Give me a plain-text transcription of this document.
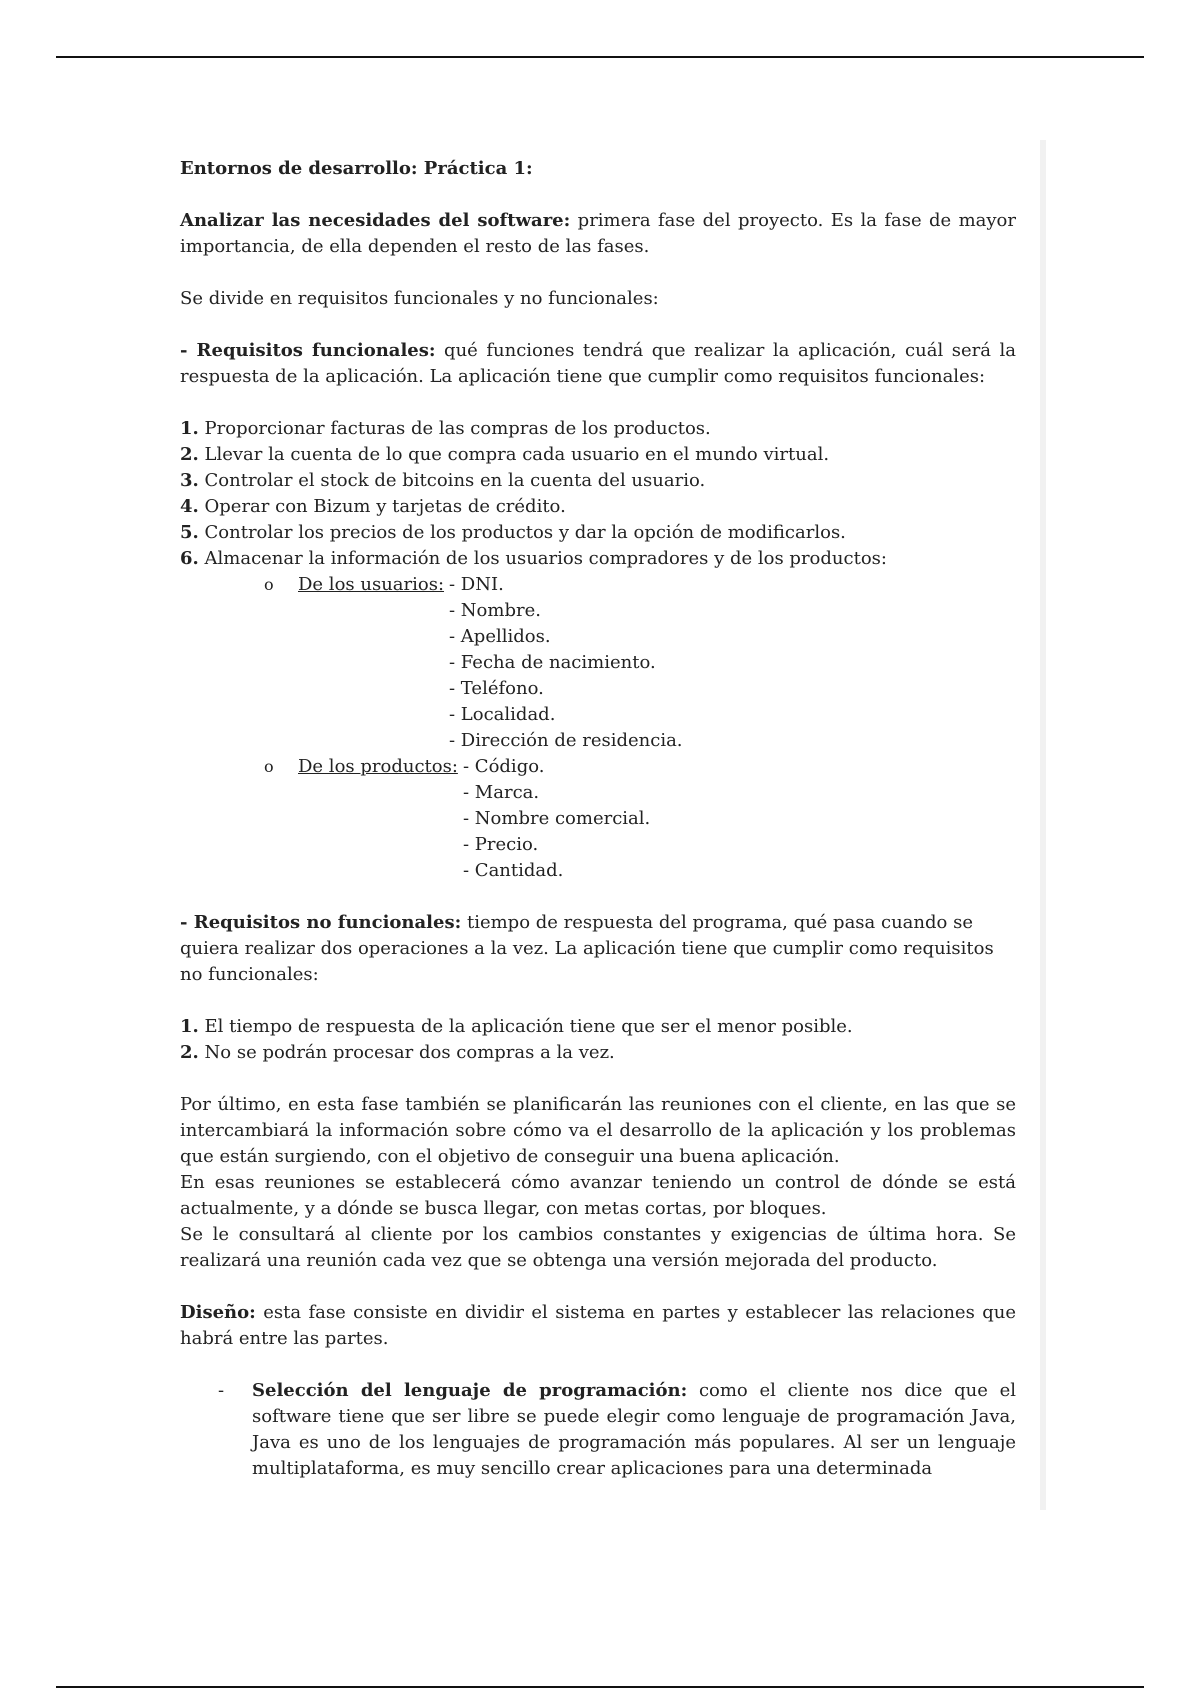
Entornos de desarrollo: Práctica 1:

Analizar las necesidades del software: primera fase del proyecto. Es la fase de mayor importancia, de ella dependen el resto de las fases.

Se divide en requisitos funcionales y no funcionales:

- Requisitos funcionales: qué funciones tendrá que realizar la aplicación, cuál será la respuesta de la aplicación. La aplicación tiene que cumplir como requisitos funcionales:

1. Proporcionar facturas de las compras de los productos.
2. Llevar la cuenta de lo que compra cada usuario en el mundo virtual.
3. Controlar el stock de bitcoins en la cuenta del usuario.
4. Operar con Bizum y tarjetas de crédito.
5. Controlar los precios de los productos y dar la opción de modificarlos.
6. Almacenar la información de los usuarios compradores y de los productos:
o De los usuarios: - DNI.
- Nombre.
- Apellidos.
- Fecha de nacimiento.
- Teléfono.
- Localidad.
- Dirección de residencia.
o De los productos: - Código.
- Marca.
- Nombre comercial.
- Precio.
- Cantidad.

- Requisitos no funcionales: tiempo de respuesta del programa, qué pasa cuando se quiera realizar dos operaciones a la vez. La aplicación tiene que cumplir como requisitos no funcionales:

1. El tiempo de respuesta de la aplicación tiene que ser el menor posible.
2. No se podrán procesar dos compras a la vez.

Por último, en esta fase también se planificarán las reuniones con el cliente, en las que se intercambiará la información sobre cómo va el desarrollo de la aplicación y los problemas que están surgiendo, con el objetivo de conseguir una buena aplicación.

En esas reuniones se establecerá cómo avanzar teniendo un control de dónde se está actualmente, y a dónde se busca llegar, con metas cortas, por bloques.

Se le consultará al cliente por los cambios constantes y exigencias de última hora. Se realizará una reunión cada vez que se obtenga una versión mejorada del producto.

Diseño: esta fase consiste en dividir el sistema en partes y establecer las relaciones que habrá entre las partes.

- Selección del lenguaje de programación: como el cliente nos dice que el software tiene que ser libre se puede elegir como lenguaje de programación Java, Java es uno de los lenguajes de programación más populares. Al ser un lenguaje multiplataforma, es muy sencillo crear aplicaciones para una determinada
